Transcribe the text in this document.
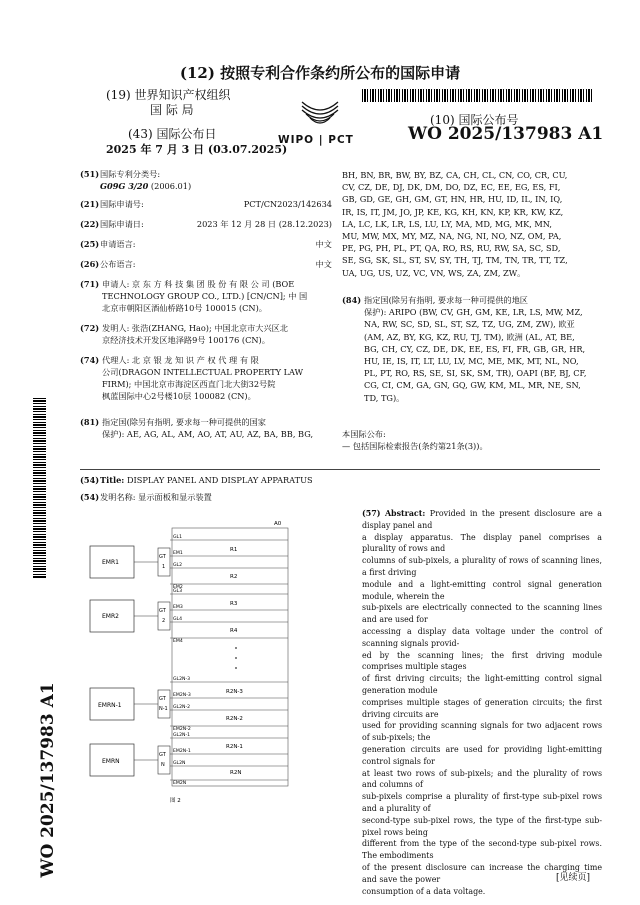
(12) 按照专利合作条约所公布的国际申请
(19) 世界知识产权组织
国 际 局
(43) 国际公布日
2025 年 7 月 3 日 (03.07.2025)
WIPO | PCT
(10) 国际公布号
WO 2025/137983 A1
(51)国际专利分类号:
G09G 3/20 (2006.01)
(21)国际申请号:	PCT/CN2023/142634
(22)国际申请日:	2023 年 12 月 28 日 (28.12.2023)
(25)申请语言:	中文
(26)公布语言:	中文
(71) 申请人: 京 东 方 科 技 集 团 股 份 有 限 公 司 (BOE
TECHNOLOGY GROUP CO., LTD.) [CN/CN]; 中 国
北京市朝阳区酒仙桥路10号 100015 (CN)。
(72) 发明人: 张浩(ZHANG, Hao); 中国北京市大兴区北
京经济技术开发区地泽路9号 100176 (CN)。
(74) 代理人: 北 京 银 龙 知 识 产 权 代 理 有 限
公司(DRAGON INTELLECTUAL PROPERTY LAW
FIRM); 中国北京市海淀区西直门北大街32号院
枫蓝国际中心2号楼10层 100082 (CN)。
(81) 指定国(除另有指明, 要求每一种可提供的国家
保护): AE, AG, AL, AM, AO, AT, AU, AZ, BA, BB, BG,
BH, BN, BR, BW, BY, BZ, CA, CH, CL, CN, CO, CR, CU,
CV, CZ, DE, DJ, DK, DM, DO, DZ, EC, EE, EG, ES, FI,
GB, GD, GE, GH, GM, GT, HN, HR, HU, ID, IL, IN, IQ,
IR, IS, IT, JM, JO, JP, KE, KG, KH, KN, KP, KR, KW, KZ,
LA, LC, LK, LR, LS, LU, LY, MA, MD, MG, MK, MN,
MU, MW, MX, MY, MZ, NA, NG, NI, NO, NZ, OM, PA,
PE, PG, PH, PL, PT, QA, RO, RS, RU, RW, SA, SC, SD,
SE, SG, SK, SL, ST, SV, SY, TH, TJ, TM, TN, TR, TT, TZ,
UA, UG, US, UZ, VC, VN, WS, ZA, ZM, ZW。
(84) 指定国(除另有指明, 要求每一种可提供的地区
保护): ARIPO (BW, CV, GH, GM, KE, LR, LS, MW, MZ,
NA, RW, SC, SD, SL, ST, SZ, TZ, UG, ZM, ZW), 欧亚
(AM, AZ, BY, KG, KZ, RU, TJ, TM), 欧洲 (AL, AT, BE,
BG, CH, CY, CZ, DE, DK, EE, ES, FI, FR, GB, GR, HR,
HU, IE, IS, IT, LT, LU, LV, MC, ME, MK, MT, NL, NO,
PL, PT, RO, RS, SE, SI, SK, SM, TR), OAPI (BF, BJ, CF,
CG, CI, CM, GA, GN, GQ, GW, KM, ML, MR, NE, SN,
TD, TG)。
本国际公布:
— 包括国际检索报告(条约第21条(3))。
(54)Title: DISPLAY PANEL AND DISPLAY APPARATUS
(54)发明名称: 显示面板和显示装置
(57) Abstract: Provided in the present disclosure are a display panel and
a display apparatus. The display panel comprises a plurality of rows and
columns of sub-pixels, a plurality of rows of scanning lines, a first driving
module and a light-emitting control signal generation module, wherein the
sub-pixels are electrically connected to the scanning lines and are used for
accessing a display data voltage under the control of scanning signals provid-
ed by the scanning lines; the first driving module comprises multiple stages
of first driving circuits; the light-emitting control signal generation module
comprises multiple stages of generation circuits; the first driving circuits are
used for providing scanning signals for two adjacent rows of sub-pixels; the
generation circuits are used for providing light-emitting control signals for
at least two rows of sub-pixels; and the plurality of rows and columns of
sub-pixels comprise a plurality of first-type sub-pixel rows and a plurality of
second-type sub-pixel rows, the type of the first-type sub-pixel rows being
different from the type of the second-type sub-pixel rows. The embodiments
of the present disclosure can increase the charging time and save the power
consumption of a data voltage.
A0
EMR1
EMR2
EMRN-1
EMRN
GT
1
GT
2
GT
N-1
GT
N
GL1
EM1
GL2
EM2
GL3
EM3
GL4
EM4
GL2N-3
EM2N-3
GL2N-2
EM2N-2
GL2N-1
EM2N-1
GL2N
EM2N
R1
R2
R3
R4
R2N-3
R2N-2
R2N-1
R2N
图 2
WO 2025/137983 A1
[见续页]
